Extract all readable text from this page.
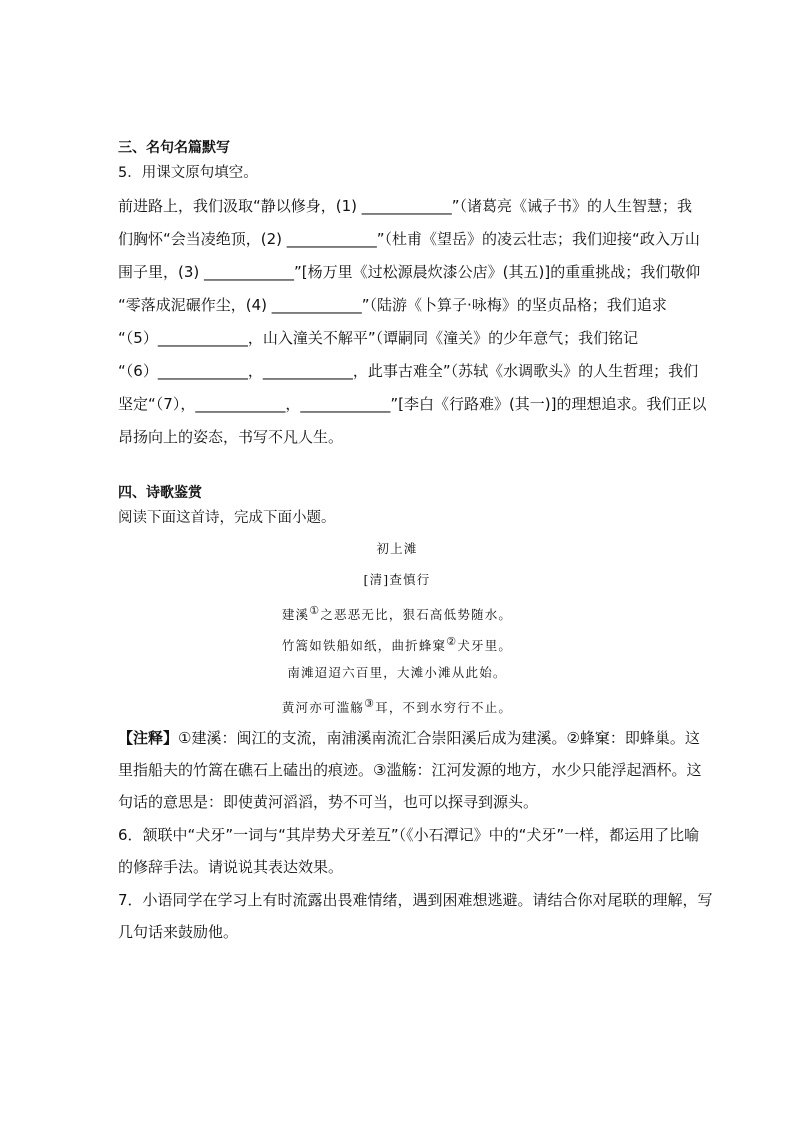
三、名句名篇默写
5．用课文原句填空。
前进路上，我们汲取“静以修身，(1) ____________”（诸葛亮《诫子书》的人生智慧；我
们胸怀“会当凌绝顶，(2) ____________”（杜甫《望岳》的凌云壮志；我们迎接“政入万山
围子里，(3) ____________”[杨万里《过松源晨炊漆公店》(其五)]的重重挑战；我们敬仰
“零落成泥碾作尘，(4) ____________”（陆游《卜算子·咏梅》的坚贞品格；我们追求
“（5）____________，山入潼关不解平”（谭嗣同《潼关》的少年意气；我们铭记
“（6）____________，____________，此事古难全”（苏轼《水调歌头》的人生哲理；我们
坚定“（7），____________，____________”[李白《行路难》(其一)]的理想追求。我们正以
昂扬向上的姿态，书写不凡人生。
四、诗歌鉴赏
阅读下面这首诗，完成下面小题。
初上滩
[清]查慎行
建溪①之恶恶无比，狠石高低势随水。
竹篙如铁船如纸，曲折蜂窠②犬牙里。
南滩迢迢六百里，大滩小滩从此始。
黄河亦可滥觞③耳，不到水穷行不止。
【注释】①建溪：闽江的支流，南浦溪南流汇合崇阳溪后成为建溪。②蜂窠：即蜂巢。这
里指船夫的竹篙在礁石上磕出的痕迹。③滥觞：江河发源的地方，水少只能浮起酒杯。这
句话的意思是：即使黄河滔滔，势不可当，也可以探寻到源头。
6．颔联中“犬牙”一词与“其岸势犬牙差互”（《小石潭记》中的“犬牙”一样，都运用了比喻
的修辞手法。请说说其表达效果。
7．小语同学在学习上有时流露出畏难情绪，遇到困难想逃避。请结合你对尾联的理解，写
几句话来鼓励他。
